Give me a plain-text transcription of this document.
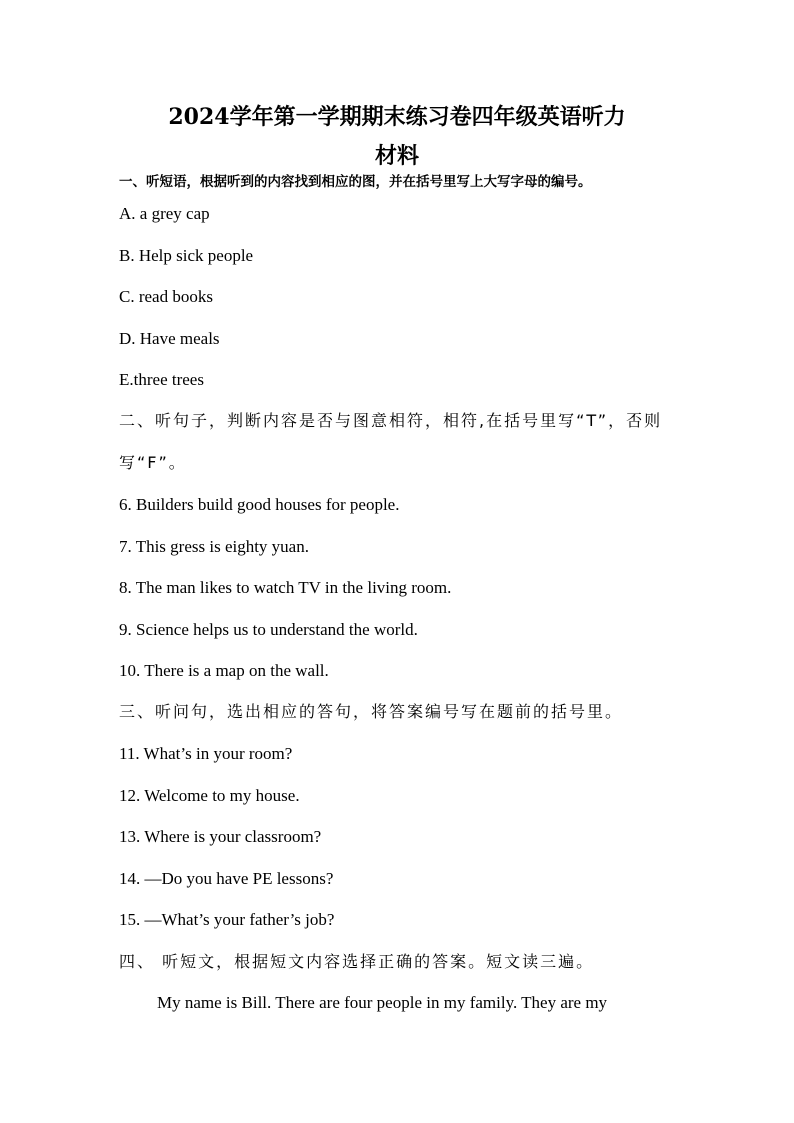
2024学年第一学期期末练习卷四年级英语听力
材料

一、听短语，根据听到的内容找到相应的图，并在括号里写上大写字母的编号。

A. a grey cap

B. Help sick people

C. read books

D. Have meals

E.three trees

二、听句子，判断内容是否与图意相符，相符,在括号里写“T”，否则

写“F”。

6. Builders build good houses for people.

7. This gress is eighty yuan.

8. The man likes to watch TV in the living room.

9. Science helps us to understand the world.

10. There is a map on the wall.

三、听问句，选出相应的答句，将答案编号写在题前的括号里。

11. What’s in your room?

12. Welcome to my house.

13. Where is your classroom?

14. —Do you have PE lessons?

15. —What’s your father’s job?

四、 听短文，根据短文内容选择正确的答案。短文读三遍。

My name is Bill. There are four people in my family. They are my
